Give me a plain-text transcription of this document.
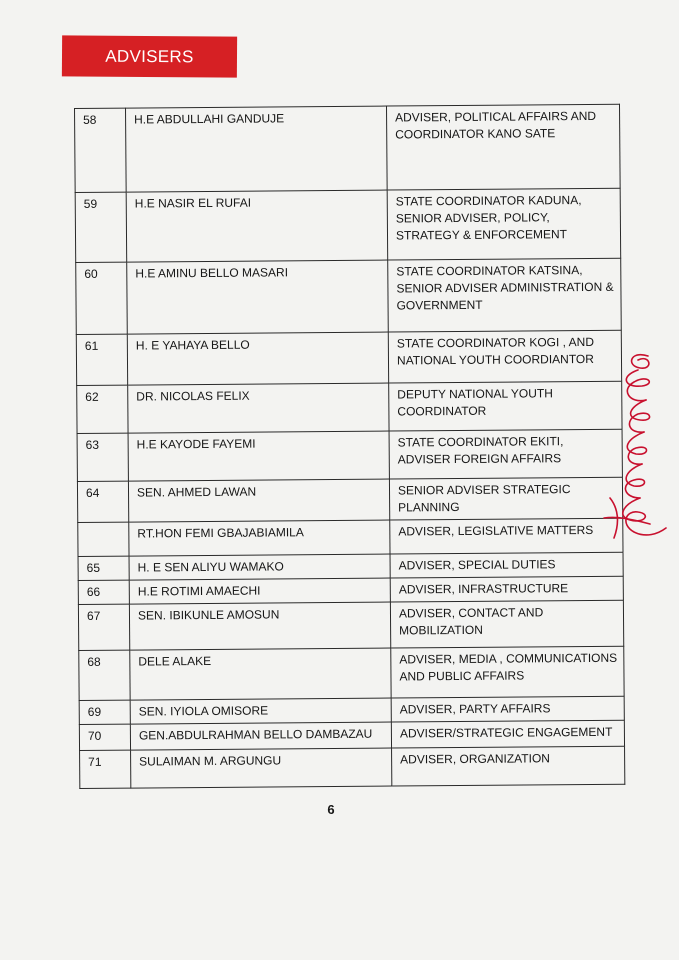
ADVISERS
58	H.E ABDULLAHI GANDUJE	ADVISER, POLITICAL AFFAIRS AND COORDINATOR KANO SATE
59	H.E NASIR EL RUFAI	STATE COORDINATOR KADUNA, SENIOR ADVISER, POLICY, STRATEGY & ENFORCEMENT
60	H.E AMINU BELLO MASARI	STATE COORDINATOR KATSINA, SENIOR ADVISER ADMINISTRATION & GOVERNMENT
61	H. E YAHAYA BELLO	STATE COORDINATOR KOGI , AND NATIONAL YOUTH COORDIANTOR
62	DR. NICOLAS FELIX	DEPUTY NATIONAL YOUTH COORDINATOR
63	H.E KAYODE FAYEMI	STATE COORDINATOR EKITI, ADVISER FOREIGN AFFAIRS
64	SEN. AHMED LAWAN	SENIOR ADVISER STRATEGIC PLANNING
	RT.HON FEMI GBAJABIAMILA	ADVISER, LEGISLATIVE MATTERS
65	H. E SEN ALIYU WAMAKO	ADVISER, SPECIAL DUTIES
66	H.E ROTIMI AMAECHI	ADVISER, INFRASTRUCTURE
67	SEN. IBIKUNLE AMOSUN	ADVISER, CONTACT AND MOBILIZATION
68	DELE ALAKE	ADVISER, MEDIA , COMMUNICATIONS AND PUBLIC AFFAIRS
69	SEN. IYIOLA OMISORE	ADVISER, PARTY AFFAIRS
70	GEN.ABDULRAHMAN BELLO DAMBAZAU	ADVISER/STRATEGIC ENGAGEMENT
71	SULAIMAN M. ARGUNGU	ADVISER, ORGANIZATION
6
